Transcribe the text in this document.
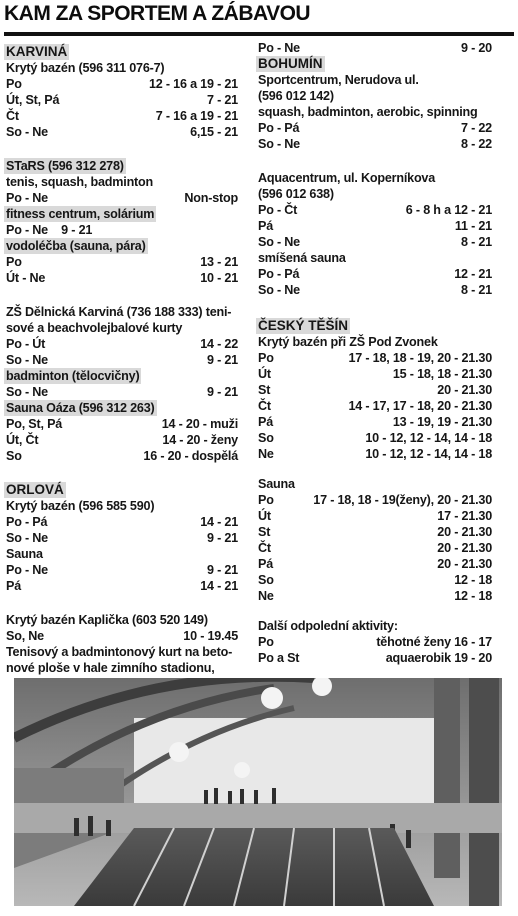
KAM ZA SPORTEM A ZÁBAVOU
KARVINÁ
Krytý bazén (596 311 076-7)
Po	12 - 16 a 19 - 21
Út, St, Pá	7 - 21
Čt	7 - 16 a 19 - 21
So - Ne	6,15 - 21
STaRS (596 312 278)
tenis, squash, badminton
Po - Ne	Non-stop
fitness centrum, solárium
Po - Ne    9 - 21
vodoléčba (sauna, pára)
Po	13 - 21
Út - Ne	10 - 21
ZŠ Dělnická Karviná (736 188 333) teni-
sové a beachvolejbalové kurty
Po - Út	14 - 22
So - Ne	9 - 21
badminton (tělocvičny)
So - Ne	9 - 21
Sauna Oáza (596 312 263)
Po, St, Pá	14 - 20 - muži
Út, Čt	14 - 20 - ženy
So	16 - 20 - dospělá
ORLOVÁ
Krytý bazén (596 585 590)
Po - Pá	14 - 21
So - Ne	9 - 21
Sauna
Po - Ne	9 - 21
Pá	14 - 21
Krytý bazén Kaplička (603 520 149)
So, Ne	10 - 19.45
Tenisový a badmintonový kurt na beto-
nové ploše v hale zimního stadionu,
Po - Ne	9 - 20
BOHUMÍN
Sportcentrum, Nerudova ul.
(596 012 142)
squash, badminton, aerobic, spinning
Po - Pá	7 - 22
So - Ne	8 - 22
Aquacentrum, ul. Koperníkova
(596 012 638)
Po - Čt	6 - 8 h a 12 - 21
Pá	11 - 21
So - Ne	8 - 21
smíšená sauna
Po - Pá	12 - 21
So - Ne	8 - 21
ČESKÝ TĚŠÍN
Krytý bazén při ZŠ Pod Zvonek
Po	17 - 18, 18 - 19, 20 - 21.30
Út	15 - 18, 18 - 21.30
St	20 - 21.30
Čt	14 - 17, 17 - 18, 20 - 21.30
Pá	13 - 19, 19 - 21.30
So	10 - 12, 12 - 14, 14 - 18
Ne	10 - 12, 12 - 14, 14 - 18
Sauna
Po	17 - 18, 18 - 19(ženy), 20 - 21.30
Út	17 - 21.30
St	20 - 21.30
Čt	20 - 21.30
Pá	20 - 21.30
So	12 - 18
Ne	12 - 18
Další odpolední aktivity:
Po	těhotné ženy 16 - 17
Po a St	aquaerobik 19 - 20
